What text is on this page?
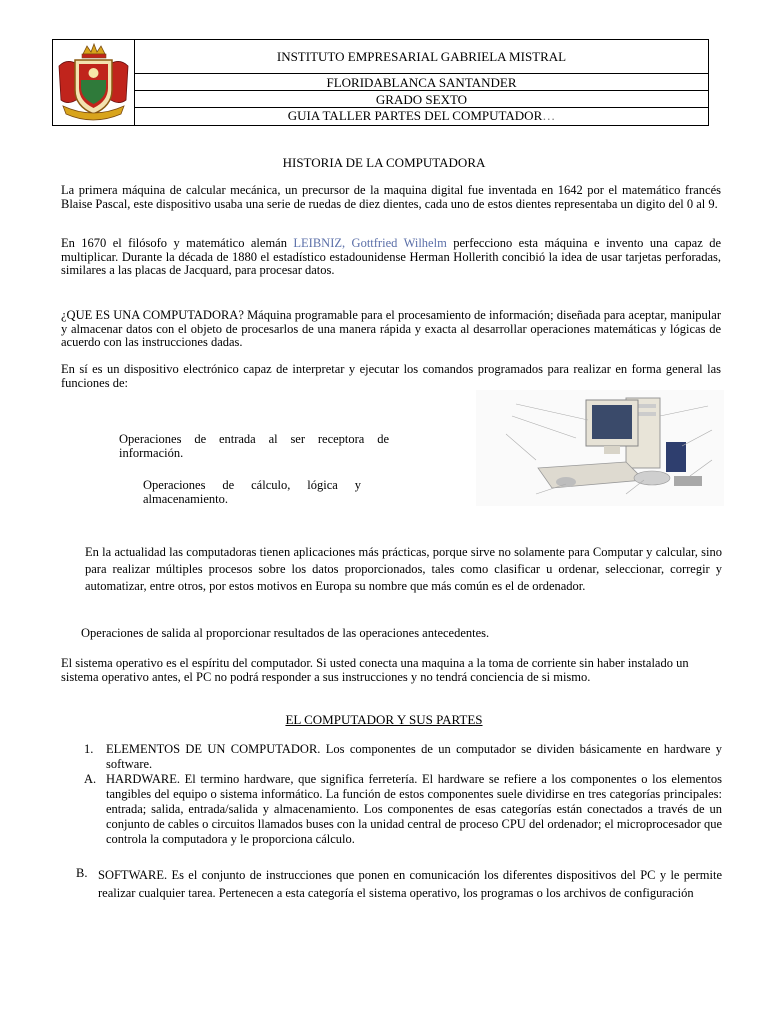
INSTITUTO EMPRESARIAL GABRIELA MISTRAL
FLORIDABLANCA SANTANDER
GRADO SEXTO
GUIA TALLER PARTES DEL COMPUTADOR…
HISTORIA DE LA COMPUTADORA
La primera máquina de calcular mecánica, un precursor de la maquina digital fue inventada en 1642 por el matemático francés Blaise Pascal, este dispositivo usaba una serie de ruedas de diez dientes, cada uno de estos dientes representaba un digito del 0 al 9.
En 1670 el filósofo y matemático alemán LEIBNIZ, Gottfried Wilhelm perfecciono esta máquina e invento una capaz de multiplicar. Durante la década de 1880 el estadístico estadounidense Herman Hollerith concibió la idea de usar tarjetas perforadas, similares a las placas de Jacquard, para procesar datos.
¿QUE ES UNA COMPUTADORA? Máquina programable para el procesamiento de información; diseñada para aceptar, manipular y almacenar datos con el objeto de procesarlos de una manera rápida y exacta al desarrollar operaciones matemáticas y lógicas de acuerdo con las instrucciones dadas.
En sí es un dispositivo electrónico capaz de interpretar y ejecutar los comandos programados para realizar en forma general las funciones de:
Operaciones de entrada al ser receptora de información.
Operaciones de cálculo, lógica y almacenamiento.
En la actualidad las computadoras tienen aplicaciones más prácticas, porque sirve no solamente para Computar y calcular, sino para realizar múltiples procesos sobre los datos proporcionados, tales como clasificar u ordenar, seleccionar, corregir y automatizar, entre otros, por estos motivos en Europa su nombre que más común es el de ordenador.
Operaciones de salida al proporcionar resultados de las operaciones antecedentes.
El sistema operativo es el espíritu del computador. Si usted conecta una maquina a la toma de corriente sin haber instalado un sistema operativo antes, el PC no podrá responder a sus instrucciones y no tendrá conciencia de si mismo.
EL COMPUTADOR Y SUS PARTES
1. ELEMENTOS DE UN COMPUTADOR. Los componentes de un computador se dividen básicamente en hardware y software.
A. HARDWARE. El termino hardware, que significa ferretería. El hardware se refiere a los componentes o los elementos tangibles del equipo o sistema informático. La función de estos componentes suele dividirse en tres categorías principales: entrada; salida, entrada/salida y almacenamiento. Los componentes de esas categorías están conectados a través de un conjunto de cables o circuitos llamados buses con la unidad central de proceso CPU del ordenador; el microprocesador que controla la computadora y le proporciona cálculo.
B. SOFTWARE. Es el conjunto de instrucciones que ponen en comunicación los diferentes dispositivos del PC y le permite realizar cualquier tarea. Pertenecen a esta categoría el sistema operativo, los programas o los archivos de configuración
